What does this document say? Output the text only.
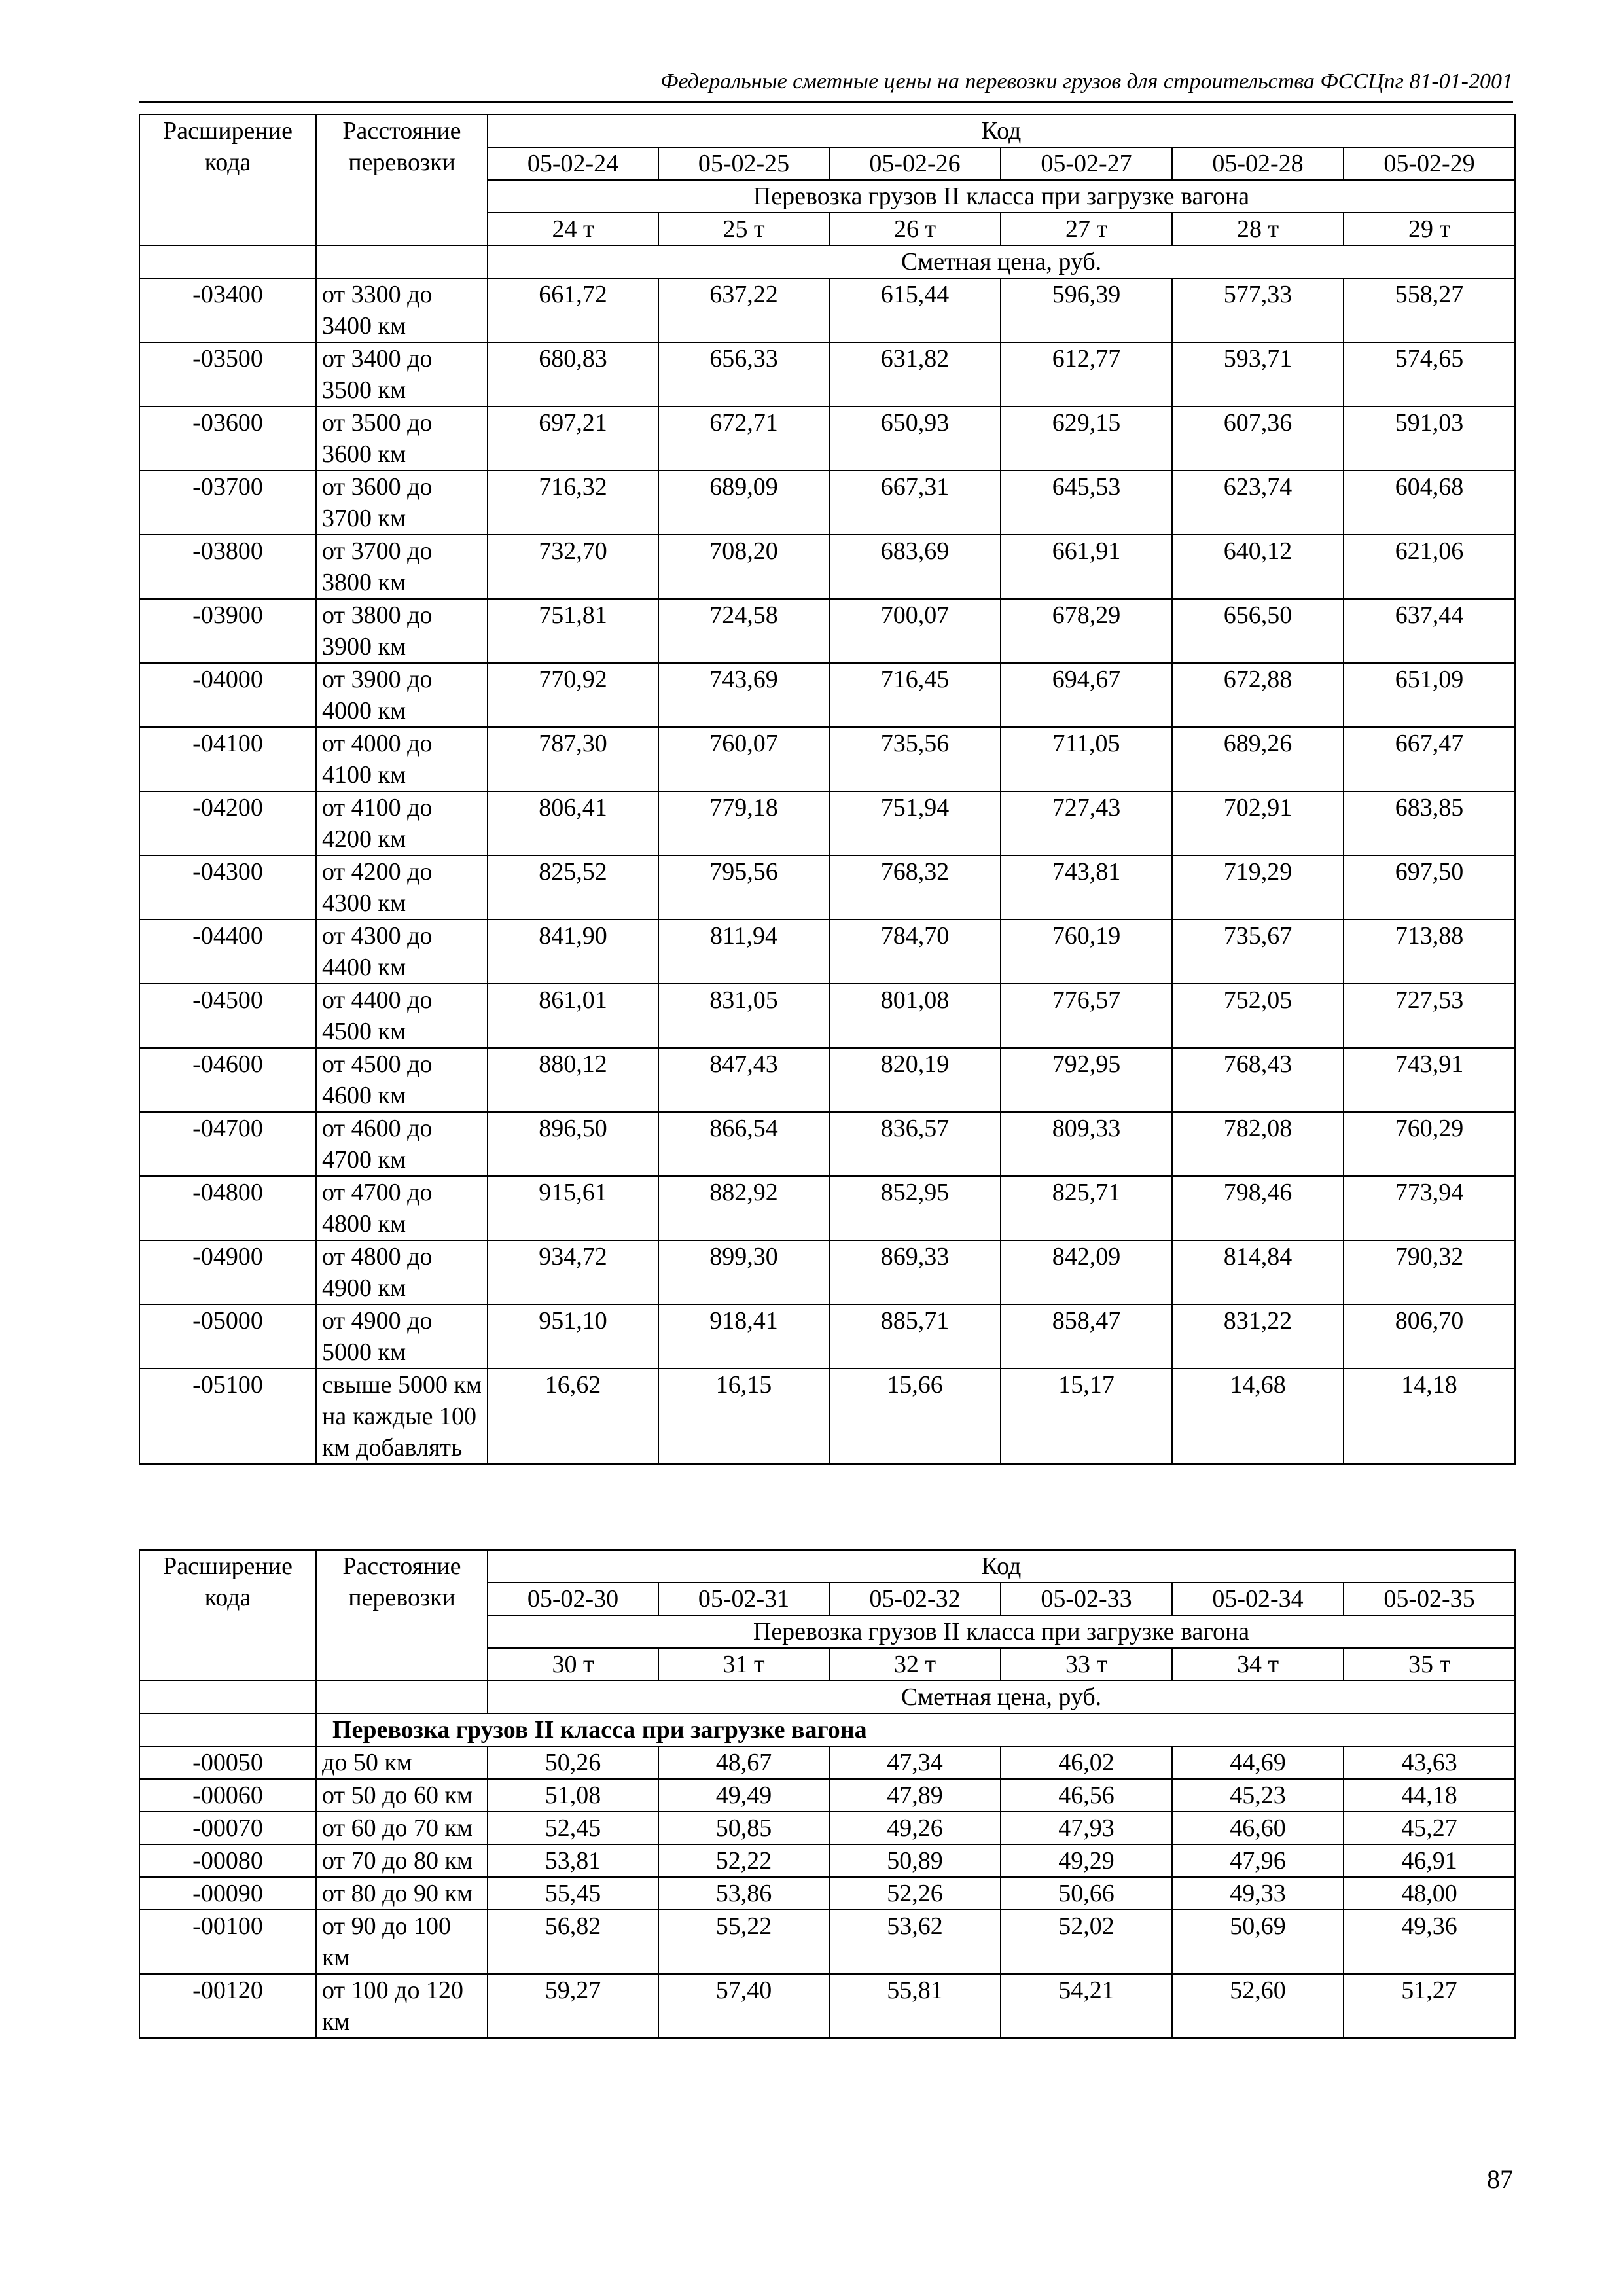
Федеральные сметные цены на перевозки грузов для строительства ФССЦпг 81-01-2001
Расширение кода	Расстояние перевозки	Код					
		05-02-24	05-02-25	05-02-26	05-02-27	05-02-28	05-02-29
		Перевозка грузов II класса при загрузке вагона					
		24 т	25 т	26 т	27 т	28 т	29 т
		Сметная цена, руб.					
-03400	от 3300 до 3400 км	661,72	637,22	615,44	596,39	577,33	558,27
-03500	от 3400 до 3500 км	680,83	656,33	631,82	612,77	593,71	574,65
-03600	от 3500 до 3600 км	697,21	672,71	650,93	629,15	607,36	591,03
-03700	от 3600 до 3700 км	716,32	689,09	667,31	645,53	623,74	604,68
-03800	от 3700 до 3800 км	732,70	708,20	683,69	661,91	640,12	621,06
-03900	от 3800 до 3900 км	751,81	724,58	700,07	678,29	656,50	637,44
-04000	от 3900 до 4000 км	770,92	743,69	716,45	694,67	672,88	651,09
-04100	от 4000 до 4100 км	787,30	760,07	735,56	711,05	689,26	667,47
-04200	от 4100 до 4200 км	806,41	779,18	751,94	727,43	702,91	683,85
-04300	от 4200 до 4300 км	825,52	795,56	768,32	743,81	719,29	697,50
-04400	от 4300 до 4400 км	841,90	811,94	784,70	760,19	735,67	713,88
-04500	от 4400 до 4500 км	861,01	831,05	801,08	776,57	752,05	727,53
-04600	от 4500 до 4600 км	880,12	847,43	820,19	792,95	768,43	743,91
-04700	от 4600 до 4700 км	896,50	866,54	836,57	809,33	782,08	760,29
-04800	от 4700 до 4800 км	915,61	882,92	852,95	825,71	798,46	773,94
-04900	от 4800 до 4900 км	934,72	899,30	869,33	842,09	814,84	790,32
-05000	от 4900 до 5000 км	951,10	918,41	885,71	858,47	831,22	806,70
-05100	свыше 5000 км на каждые 100 км добавлять	16,62	16,15	15,66	15,17	14,68	14,18
Расширение кода	Расстояние перевозки	Код					
		05-02-30	05-02-31	05-02-32	05-02-33	05-02-34	05-02-35
		Перевозка грузов II класса при загрузке вагона					
		30 т	31 т	32 т	33 т	34 т	35 т
		Сметная цена, руб.					
	Перевозка грузов II класса при загрузке вагона						
-00050	до 50 км	50,26	48,67	47,34	46,02	44,69	43,63
-00060	от 50 до 60 км	51,08	49,49	47,89	46,56	45,23	44,18
-00070	от 60 до 70 км	52,45	50,85	49,26	47,93	46,60	45,27
-00080	от 70 до 80 км	53,81	52,22	50,89	49,29	47,96	46,91
-00090	от 80 до 90 км	55,45	53,86	52,26	50,66	49,33	48,00
-00100	от 90 до 100 км	56,82	55,22	53,62	52,02	50,69	49,36
-00120	от 100 до 120 км	59,27	57,40	55,81	54,21	52,60	51,27
87
